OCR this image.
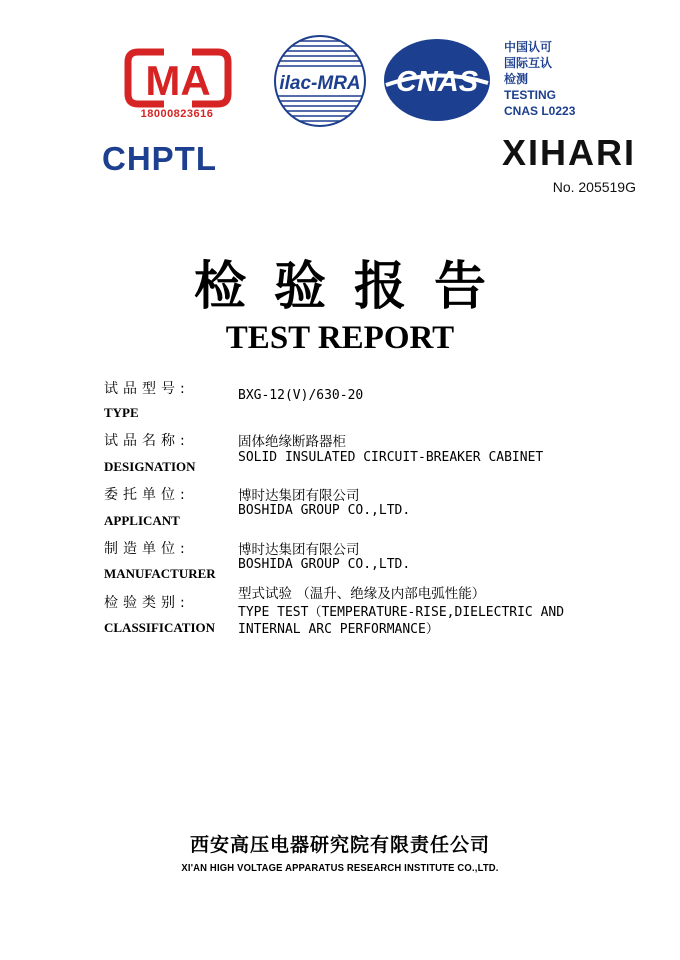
MA
18000823616
CHPTL
ilac-MRA CNAS
中国认可
国际互认
检测
TESTING
CNAS L0223
XIHARI
No. 205519G
检验报告
TEST REPORT
试品型号:
TYPE
BXG-12(V)/630-20
试品名称:
DESIGNATION
固体绝缘断路器柜
SOLID INSULATED CIRCUIT-BREAKER CABINET
委托单位:
APPLICANT
博时达集团有限公司
BOSHIDA GROUP CO.,LTD.
制造单位:
MANUFACTURER
博时达集团有限公司
BOSHIDA GROUP CO.,LTD.
检验类别:
CLASSIFICATION
型式试验 （温升、绝缘及内部电弧性能）
TYPE TEST（TEMPERATURE-RISE,DIELECTRIC AND
INTERNAL ARC PERFORMANCE）
西安高压电器研究院有限责任公司
XI'AN HIGH VOLTAGE APPARATUS RESEARCH INSTITUTE CO.,LTD.
